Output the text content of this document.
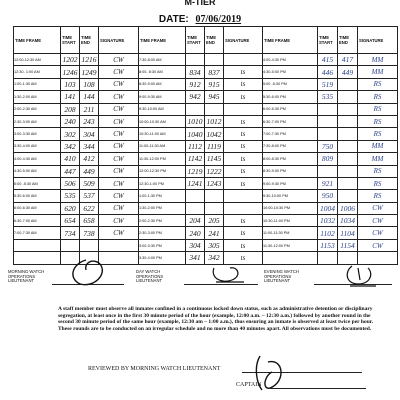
M-TIER
DATE: 07/06/2019
TIME FRAME	TIME START	TIME END	SIGNATURE	TIME FRAME	TIME START	TIME END	SIGNATURE	TIME FRAME	TIME START	TIME END	SIGNATURE
12:00-12:30 AM	1202	1216	CW	7:30-8:00 AM				4:00-4:30 PM	415	417	MM
12:30- 1:00 AM	1246	1249	CW	8:00- 8:30 AM	834	837	ts	4:30-5:00 PM	446	449	MM
1:00-1:30 AM	103	108	CW	8:30-9:00 AM	912	915	ts	5:00 -5:30 PM	519		RS
1:30-2:00 AM	141	144	CW	9:00-9:30 AM	942	945	ts	5:30-6:00 PM	535		RS
2:00-2:30 AM	208	211	CW	9:30-10:00 AM				6:00-6:30 PM			RS
2:30-3:00 AM	240	243	CW	10:00-10:30 AM	1010	1012	ts	6:30-7:00 PM			RS
3:00-3:30 AM	302	304	CW	10:30-11:00 AM	1040	1042	ts	7:00-7:30 PM			RS
3:30-4:00 AM	342	344	CW	11:00-11:30 AM	1112	1119	ts	7:30-8:00 PM	750		MM
4:00-4:30 AM	410	412	CW	11:30-12:00 PM	1142	1145	ts	8:00-8:30 PM	809		MM
4:30-5:00 AM	447	449	CW	12:00-12:30 PM	1219	1222	ts	8:30-9:00 PM			RS
5:00 -5:30 AM	506	509	CW	12:30-1:00 PM	1241	1243	ts	9:00-9:30 PM	921		RS
5:30-6:00 AM	535	537	CW	1:00-1:30 PM				9:30-10:00 PM	950		RS
6:00-6:30 AM	620	622	CW	1:30-2:00 PM				10:00-10:30 PM	1004	1006	CW
6:30-7:00 AM	654	658	CW	2:00-2:30 PM	204	205	ts	10:30-11:00 PM	1032	1034	CW
7:00-7:30 AM	734	738	CW	2:30-3:00 PM	240	241	ts	11:00-11:30 PM	1102	1104	CW
				3:00-3:30 PM	304	305	ts	11:30-12:00 PM	1153	1154	CW
				3:30-4:00 PM	341	342	ts				
MORNING WATCH
OPERATIONS
LIEUTENANT
DAY WATCH
OPERATIONS
LIEUTENANT
EVENING WATCH
OPERATIONS
LIEUTENANT
A staff member must observe all inmates confined in a continuous locked down status, such as administrative detention or disciplinary segregation, at least once in the first 30 minute period of the hour (example, 12:00 a.m. – 12:30 a.m.) followed by another round in the second 30 minute period of the same hour (example, 12:30 am – 1:00 a.m.), thus ensuring an inmate is observed at least twice per hour. These rounds are to be conducted on an irregular schedule and no more than 40 minutes apart. All observations must be documented.
REVIEWED BY MORNING WATCH LIEUTENANT
CAPTAIN
